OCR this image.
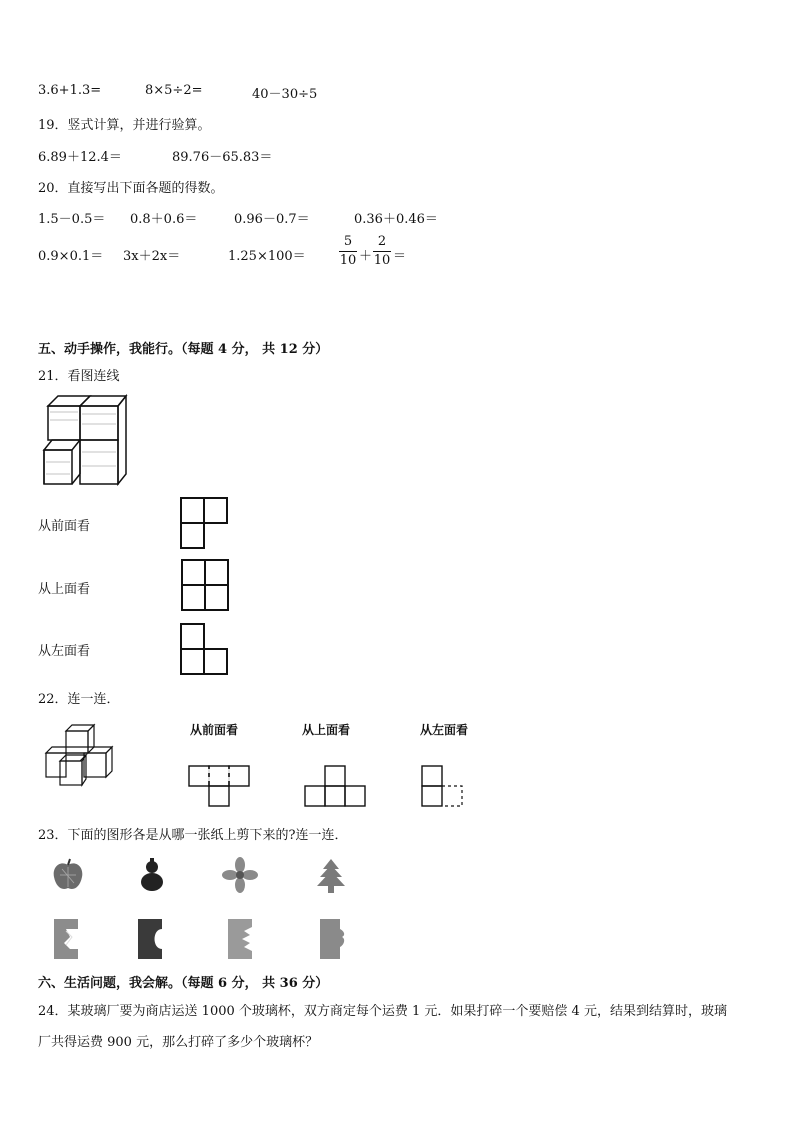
3.6+1.3=	8×5÷2=	40－30÷5
19．竖式计算，并进行验算。
6.89＋12.4＝	89.76－65.83＝
20．直接写出下面各题的得数。
1.5－0.5＝ 0.8＋0.6＝	0.96－0.7＝	0.36＋0.46＝
0.9×0.1＝ 3x＋2x＝	1.25×100＝
5
10 ＋
2
10 ＝
五、动手操作，我能行。（每题 4 分， 共 12 分）
21．看图连线
从前面看
从上面看
从左面看
22．连一连．
从前面看	从上面看	从左面看
23．下面的图形各是从哪一张纸上剪下来的?连一连．
六、生活问题，我会解。（每题 6 分， 共 36 分）
24．某玻璃厂要为商店运送 1000 个玻璃杯，双方商定每个运费 1 元．如果打碎一个要赔偿 4 元，结果到结算时，玻璃
厂共得运费 900 元，那么打碎了多少个玻璃杯？
